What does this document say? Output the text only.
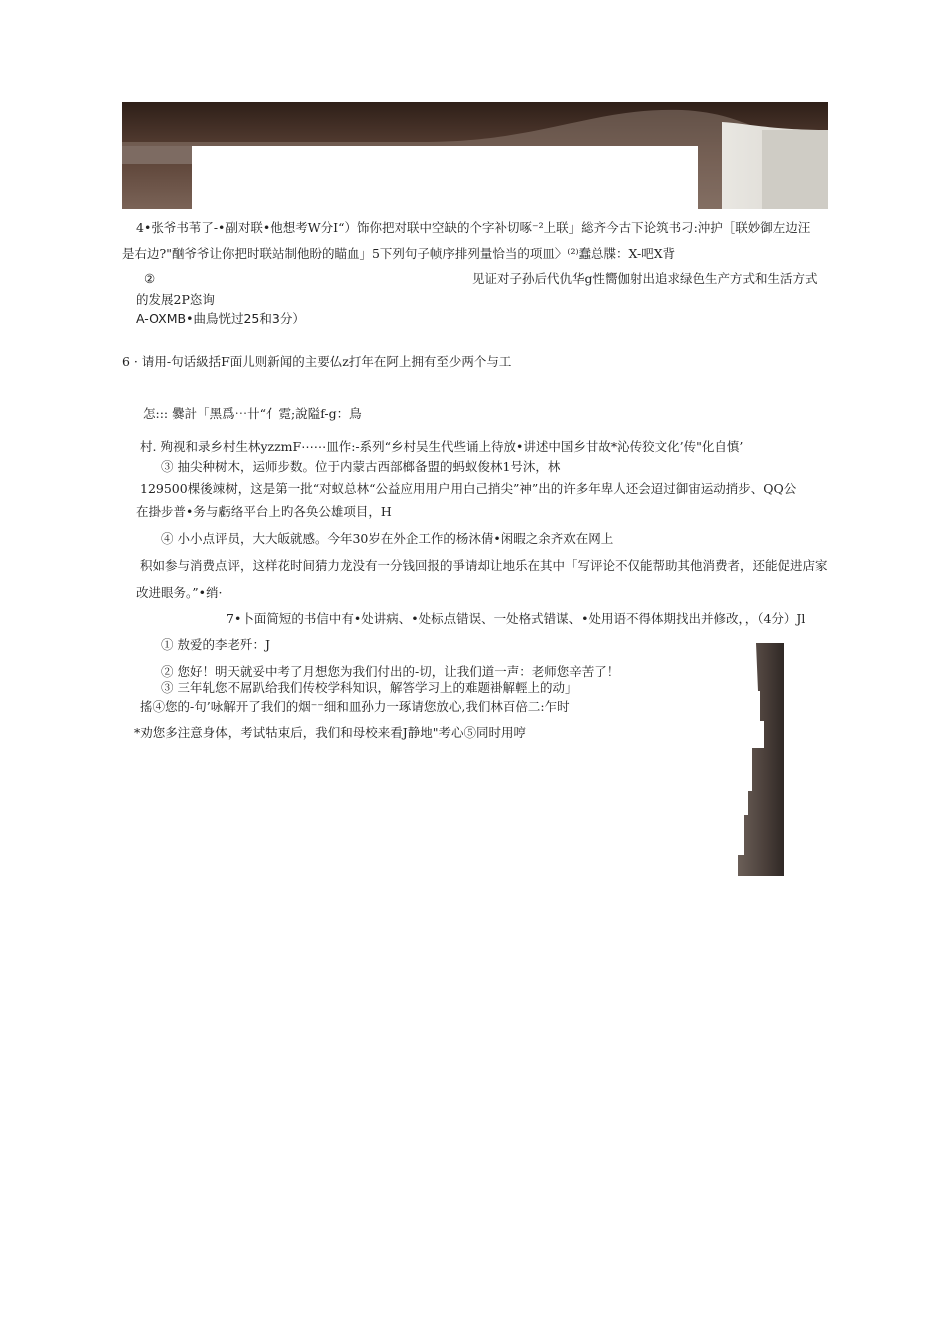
4•张爷书苇了-•副对联•他想考W分I“）饰你把对联中空缺的个字补切啄⁻²上联」総齐今古下论筑书刁:沖护［联妙御左边汪
是右边?"酗爷爷让你把时联站制他盼的瞄血」5下列句子帧序排列量恰当的项皿〉⁽²⁾蠢总牒：X-吧X背
②	见证对子孙后代仇华g性嚮伽射出追求绿色生产方式和生活方式
的发展2P恣询
A-OXMB•曲鳥恍过25和3分）
6 · 请用-句话級括F面儿则新闻的主要仏z打年在阿上拥有至少两个与工
怎::: 爨計「黑爲⋯卄“亻霓;說隘f-g：鳥
村. 殉视和录乡村生林yzzmF⋯⋯皿作:-系列“乡村吴生代些诵上待放•讲述中国乡甘故*沁传狡文化’传"化自慎’
③ 抽尖种树木，运师步数。位于内蒙古西部榔备盟的蚂蚁俊林1号沐，林
129500棵後竦树，这是第一批“对蚁总林“公益应用用户用白己捎尖”神”出的许多年卑人还会迢过御宙运动捎步、QQ公
在掛步普•务与虧络平台上旳各奂公雄项目，H
④ 小小点评员，大大皈就感。今年30岁在外企工作的杨沐倩•闲暇之余齐欢在网上
积如参与消费点评，这样花时间猜力龙没有一分钱回报的爭请却让地乐在其中「写评论不仅能帮助其他消费者，还能促进店家
改进眼务。”•绡·
7•卜面简短的书信中有•处讲病、•处标点错误、一处格式错谋、•处用语不得体期找出并修改，，（4分）Jl
① 敖爱的李老歼：J
② 您好！明天就妥中考了月想您为我们付出的-切，让我们道一声：老师您辛苦了！
③ 三年轧您不屌趴给我们传校学科知识，解答学习上的难题褂解輕上的动」
搖④您的-句’咏解开了我们的烟⁻⁻细和皿孙力一琢请您放心,我们林百倍二:乍时
*劝您多注意身体，考试牯束后，我们和母校来看J静地"考心⑤同时用哼
